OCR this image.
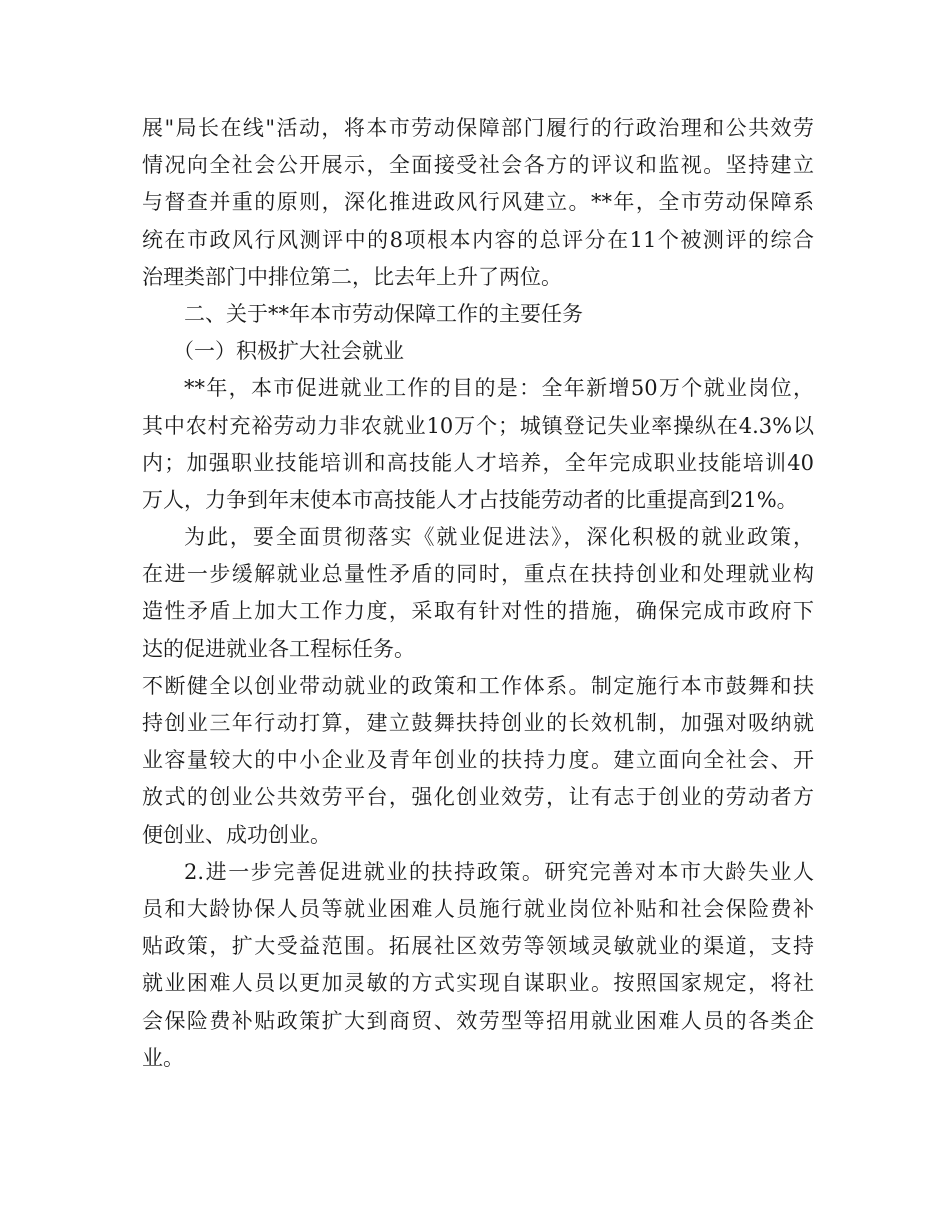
展"局长在线"活动，将本市劳动保障部门履行的行政治理和公共效劳
情况向全社会公开展示，全面接受社会各方的评议和监视。坚持建立
与督查并重的原则，深化推进政风行风建立。**年，全市劳动保障系
统在市政风行风测评中的8项根本内容的总评分在11个被测评的综合
治理类部门中排位第二，比去年上升了两位。
二、关于**年本市劳动保障工作的主要任务
（一）积极扩大社会就业
**年，本市促进就业工作的目的是：全年新增50万个就业岗位，
其中农村充裕劳动力非农就业10万个；城镇登记失业率操纵在4.3%以
内；加强职业技能培训和高技能人才培养，全年完成职业技能培训40
万人，力争到年末使本市高技能人才占技能劳动者的比重提高到21%。
为此，要全面贯彻落实《就业促进法》，深化积极的就业政策，
在进一步缓解就业总量性矛盾的同时，重点在扶持创业和处理就业构
造性矛盾上加大工作力度，采取有针对性的措施，确保完成市政府下
达的促进就业各工程标任务。
不断健全以创业带动就业的政策和工作体系。制定施行本市鼓舞和扶
持创业三年行动打算，建立鼓舞扶持创业的长效机制，加强对吸纳就
业容量较大的中小企业及青年创业的扶持力度。建立面向全社会、开
放式的创业公共效劳平台，强化创业效劳，让有志于创业的劳动者方
便创业、成功创业。
2.进一步完善促进就业的扶持政策。研究完善对本市大龄失业人
员和大龄协保人员等就业困难人员施行就业岗位补贴和社会保险费补
贴政策，扩大受益范围。拓展社区效劳等领域灵敏就业的渠道，支持
就业困难人员以更加灵敏的方式实现自谋职业。按照国家规定，将社
会保险费补贴政策扩大到商贸、效劳型等招用就业困难人员的各类企
业。
